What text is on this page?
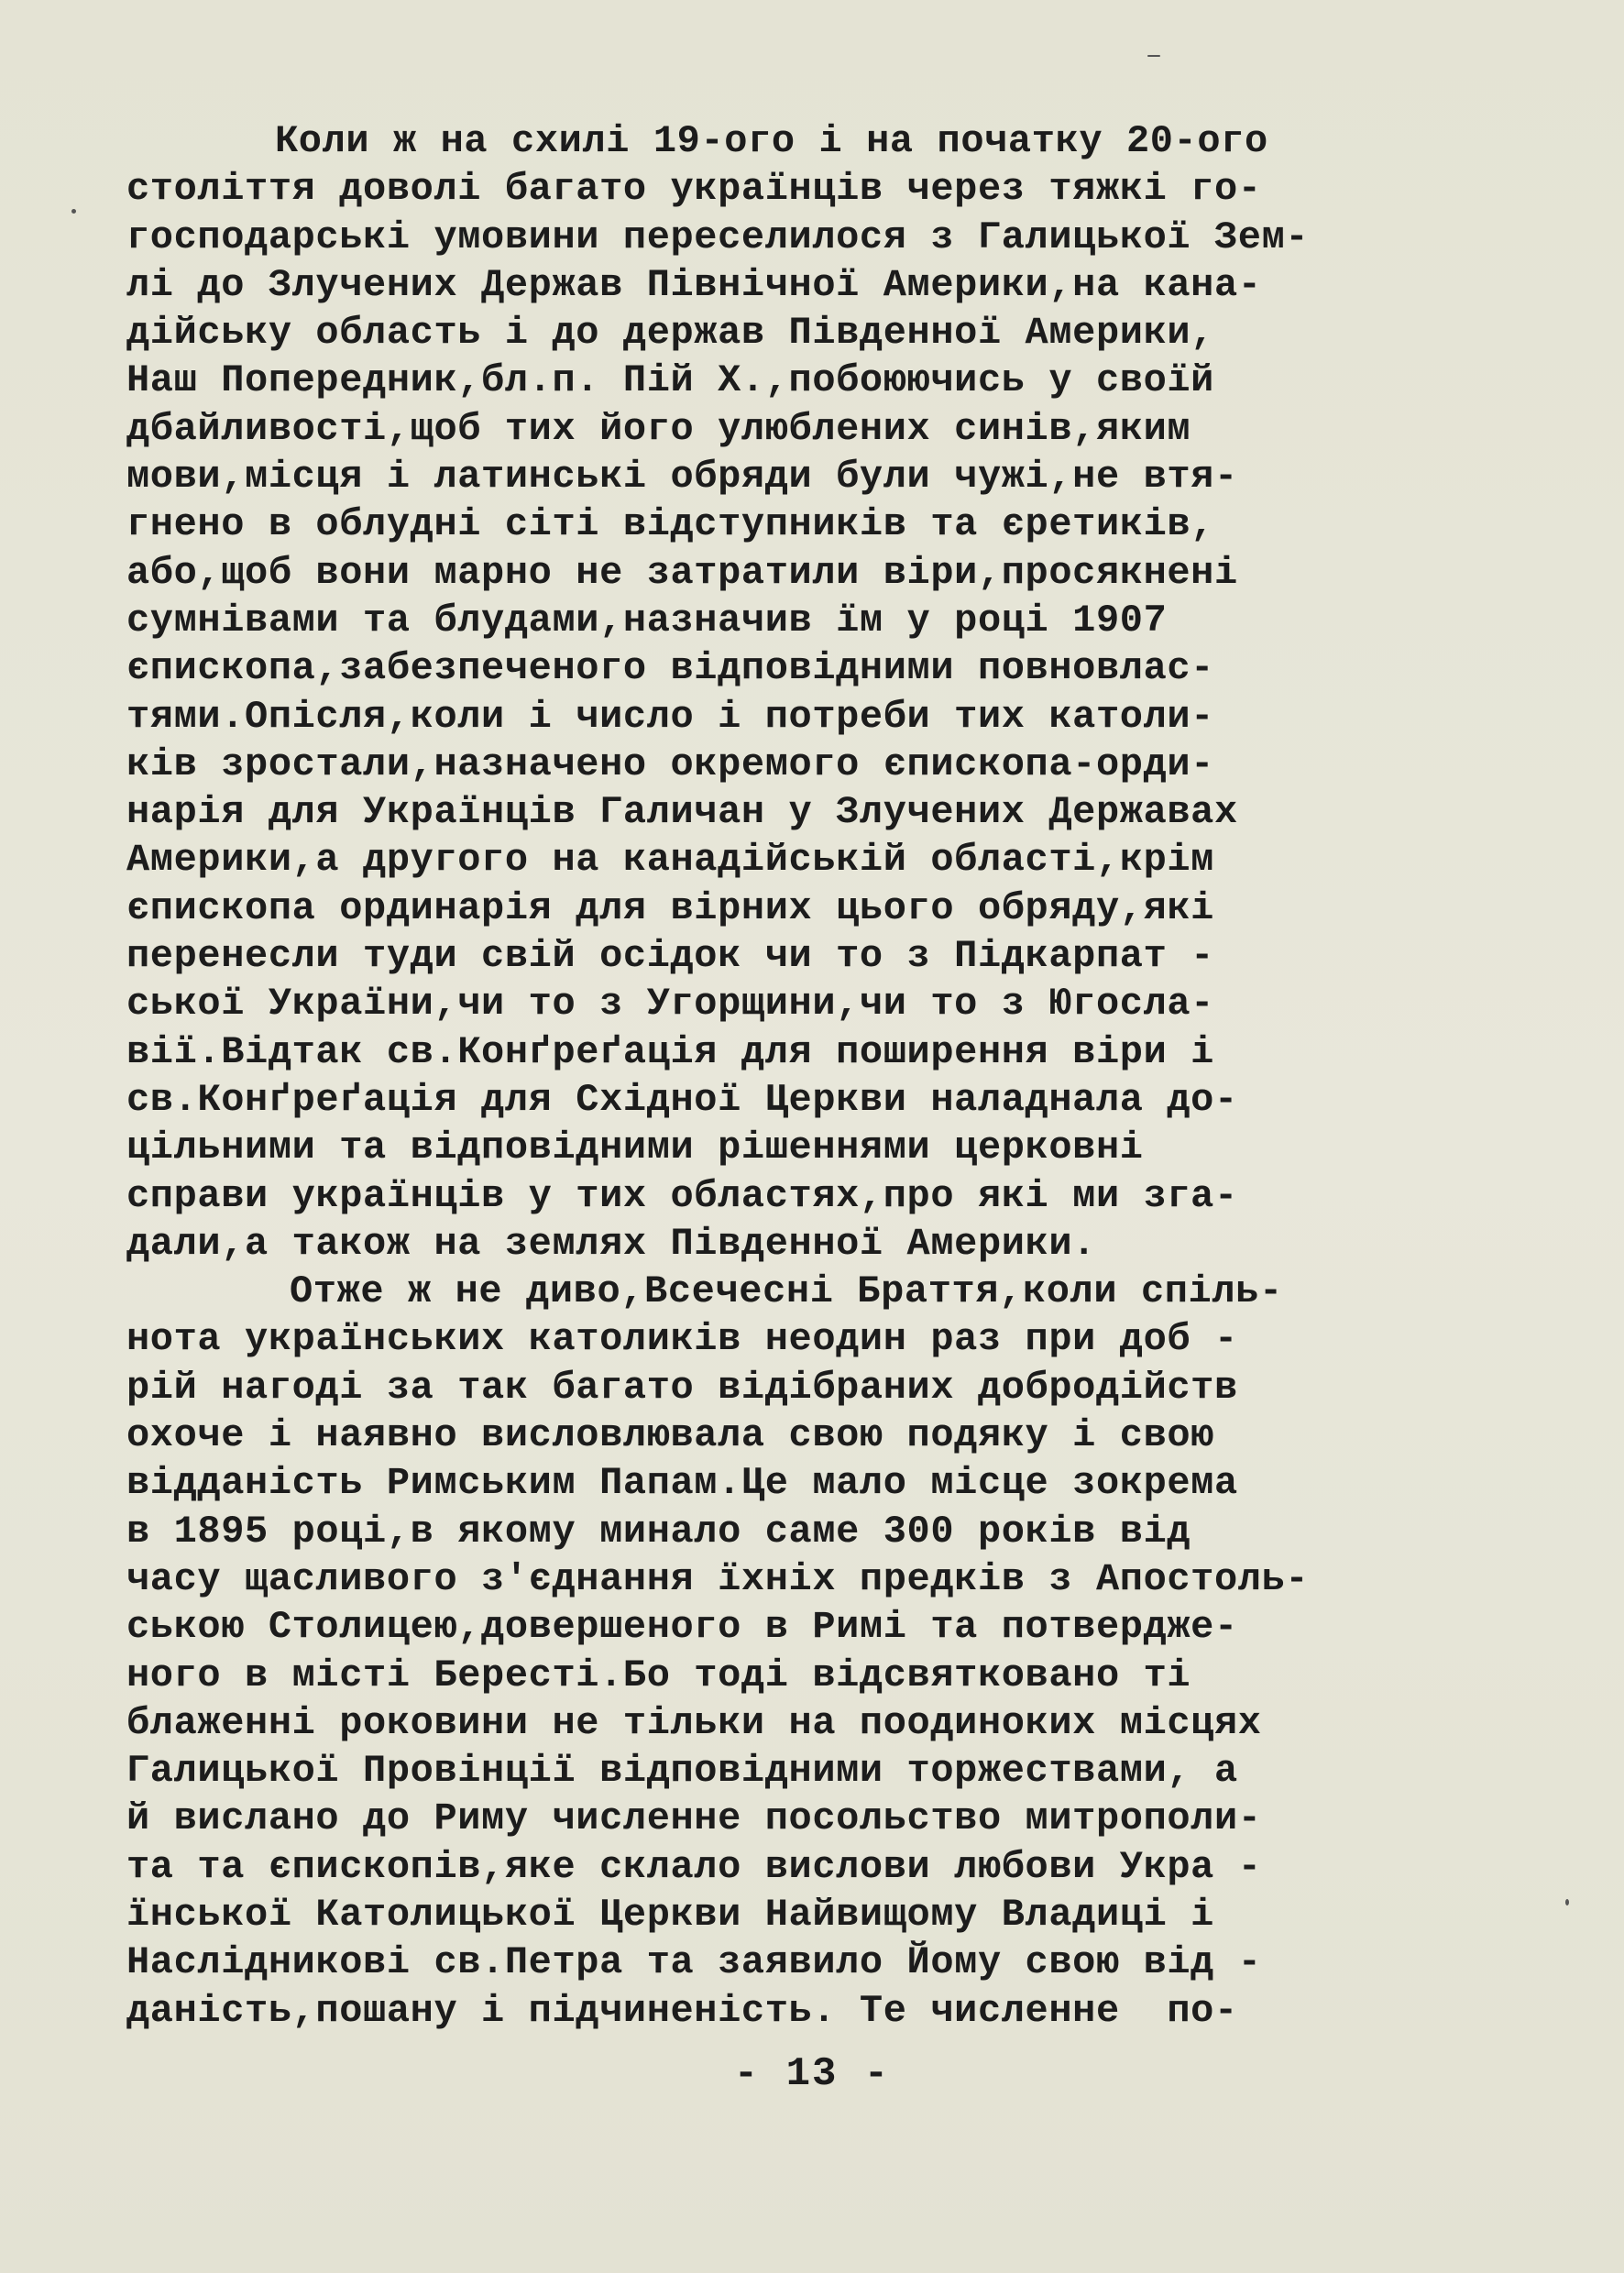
Коли ж на схилі 19-ого і на початку 20-ого
століття доволі багато українців через тяжкі го-
господарські умовини переселилося з Галицької Зем-
лі до Злучених Держав Північної Америки,на кана-
дійську область і до держав Південної Америки,
Наш Попередник,бл.п. Пій Х.,побоюючись у своїй
дбайливості,щоб тих його улюблених синів,яким
мови,місця і латинські обряди були чужі,не втя-
гнено в облудні сіті відступників та єретиків,
або,щоб вони марно не затратили віри,просякнені
сумнівами та блудами,назначив їм у році 1907
єпископа,забезпеченого відповідними повновлас-
тями.Опісля,коли і число і потреби тих католи-
ків зростали,назначено окремого єпископа-орди-
нарія для Українців Галичан у Злучених Державах
Америки,а другого на канадійській області,крім
єпископа ординарія для вірних цього обряду,які
перенесли туди свій осідок чи то з Підкарпат -
ської України,чи то з Угорщини,чи то з Югосла-
вії.Відтак св.Конґреґація для поширення віри і
св.Конґреґація для Східної Церкви наладнала до-
цільними та відповідними рішеннями церковні
справи українців у тих областях,про які ми зга-
дали,а також на землях Південної Америки.
Отже ж не диво,Всечесні Браття,коли спіль-
нота українських католиків неодин раз при доб -
рій нагоді за так багато відібраних добродійств
охоче і наявно висловлювала свою подяку і свою
відданість Римським Папам.Це мало місце зокрема
в 1895 році,в якому минало саме 300 років від
часу щасливого з'єднання їхніх предків з Апостоль-
ською Столицею,довершеного в Римі та потверджe-
ного в місті Бересті.Бо тоді відсвятковано ті
блаженні роковини не тільки на поодиноких місцях
Галицької Провінції відповідними торжествами, а
й вислано до Риму численне посольство митрополи-
та та єпископів,яке склало вислови любови Укра -
їнської Католицької Церкви Найвищому Владиці і
Наслідникові св.Петра та заявило Йому свою від -
даність,пошану і підчиненість. Те численне  по-
- 13 -
